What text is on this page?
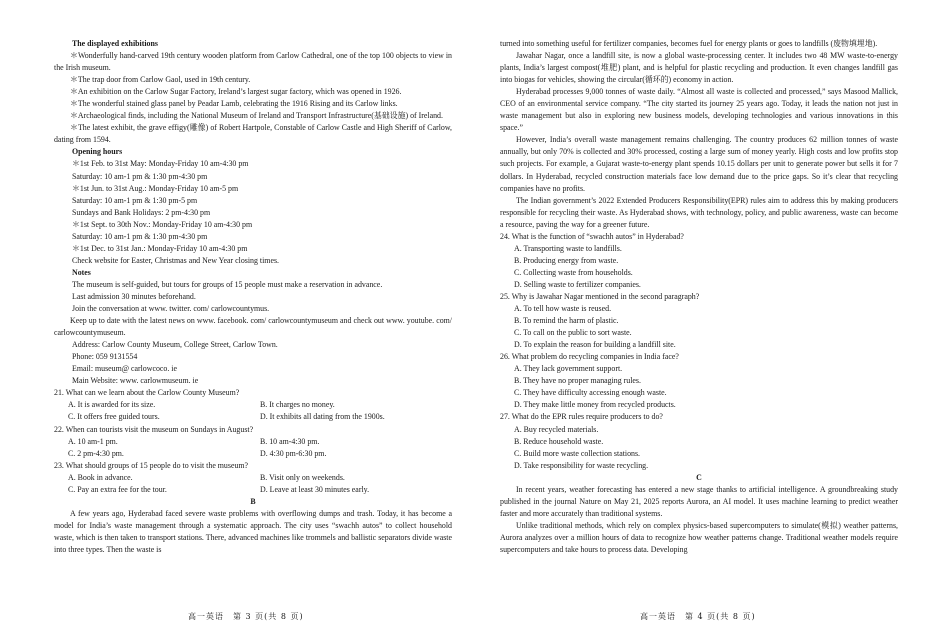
The displayed exhibitions

＊Wonderfully hand-carved 19th century wooden platform from Carlow Cathedral, one of the top 100 objects to view in the Irish museum.

＊The trap door from Carlow Gaol, used in 19th century.

＊An exhibition on the Carlow Sugar Factory, Ireland’s largest sugar factory, which was opened in 1926.

＊The wonderful stained glass panel by Peadar Lamb, celebrating the 1916 Rising and its Carlow links.

＊Archaeological finds, including the National Museum of Ireland and Transport Infrastructure(基础设施) of Ireland.

＊The latest exhibit, the grave effigy(雕像) of Robert Hartpole, Constable of Carlow Castle and High Sheriff of Carlow, dating from 1594.

Opening hours

＊1st Feb. to 31st May: Monday-Friday 10 am-4:30 pm

Saturday: 10 am-1 pm & 1:30 pm-4:30 pm

＊1st Jun. to 31st Aug.: Monday-Friday 10 am-5 pm

Saturday: 10 am-1 pm & 1:30 pm-5 pm

Sundays and Bank Holidays: 2 pm-4:30 pm

＊1st Sept. to 30th Nov.: Monday-Friday 10 am-4:30 pm

Saturday: 10 am-1 pm & 1:30 pm-4:30 pm

＊1st Dec. to 31st Jan.: Monday-Friday 10 am-4:30 pm

Check website for Easter, Christmas and New Year closing times.

Notes

The museum is self-guided, but tours for groups of 15 people must make a reservation in advance.

Last admission 30 minutes beforehand.

Join the conversation at www. twitter. com/ carlowcountymus.

Keep up to date with the latest news on www. facebook. com/ carlowcountymuseum and check out www. youtube. com/ carlowcountymuseum.

Address: Carlow County Museum, College Street, Carlow Town.

Phone: 059 9131554

Email: museum@ carlowcoco. ie

Main Website: www. carlowmuseum. ie

21. What can we learn about the Carlow County Museum?

A. It is awarded for its size.	B. It charges no money.
C. It offers free guided tours.	D. It exhibits all dating from the 1900s.

22. When can tourists visit the museum on Sundays in August?

A. 10 am-1 pm.	B. 10 am-4:30 pm.
C. 2 pm-4:30 pm.	D. 4:30 pm-6:30 pm.

23. What should groups of 15 people do to visit the museum?

A. Book in advance.	B. Visit only on weekends.
C. Pay an extra fee for the tour.	D. Leave at least 30 minutes early.

B

A few years ago, Hyderabad faced severe waste problems with overflowing dumps and trash. Today, it has become a model for India’s waste management through a systematic approach. The city uses “swachh autos” to collect household waste, which is then taken to transport stations. There, advanced machines like trommels and ballistic separators divide waste into three types. Then the waste is

turned into something useful for fertilizer companies, becomes fuel for energy plants or goes to landfills (废物填埋地).

Jawahar Nagar, once a landfill site, is now a global waste-processing center. It includes two 48 MW waste-to-energy plants, India’s largest compost(堆肥) plant, and is helpful for plastic recycling and production. It even changes landfill gas into biogas for vehicles, showing the circular(循环的) economy in action.

Hyderabad processes 9,000 tonnes of waste daily. “Almost all waste is collected and processed,” says Masood Mallick, CEO of an environmental service company. “The city started its journey 25 years ago. Today, it leads the nation not just in waste management but also in exploring new business models, developing technologies and various innovations in this space.”

However, India’s overall waste management remains challenging. The country produces 62 million tonnes of waste annually, but only 70% is collected and 30% processed, costing a large sum of money yearly. High costs and low profits stop such projects. For example, a Gujarat waste-to-energy plant spends 10.15 dollars per unit to generate power but sells it for 7 dollars. In Hyderabad, recycled construction materials face low demand due to the price gaps. So it’s clear that recycling companies have no profits.

The Indian government’s 2022 Extended Producers Responsibility(EPR) rules aim to address this by making producers responsible for recycling their waste. As Hyderabad shows, with technology, policy, and public awareness, waste can become a resource, paving the way for a greener future.

24. What is the function of “swachh autos” in Hyderabad?

A. Transporting waste to landfills.

B. Producing energy from waste.

C. Collecting waste from households.

D. Selling waste to fertilizer companies.

25. Why is Jawahar Nagar mentioned in the second paragraph?

A. To tell how waste is reused.

B. To remind the harm of plastic.

C. To call on the public to sort waste.

D. To explain the reason for building a landfill site.

26. What problem do recycling companies in India face?

A. They lack government support.

B. They have no proper managing rules.

C. They have difficulty accessing enough waste.

D. They make little money from recycled products.

27. What do the EPR rules require producers to do?

A. Buy recycled materials.

B. Reduce household waste.

C. Build more waste collection stations.

D. Take responsibility for waste recycling.

C

In recent years, weather forecasting has entered a new stage thanks to artificial intelligence. A groundbreaking study published in the journal Nature on May 21, 2025 reports Aurora, an AI model. It uses machine learning to predict weather faster and more accurately than traditional systems.

Unlike traditional methods, which rely on complex physics-based supercomputers to simulate(模拟) weather patterns, Aurora analyzes over a million hours of data to recognize how weather patterns change. Traditional weather models require supercomputers and take hours to process data. Developing

高一英语　第 3 页(共 8 页)	高一英语　第 4 页(共 8 页)
